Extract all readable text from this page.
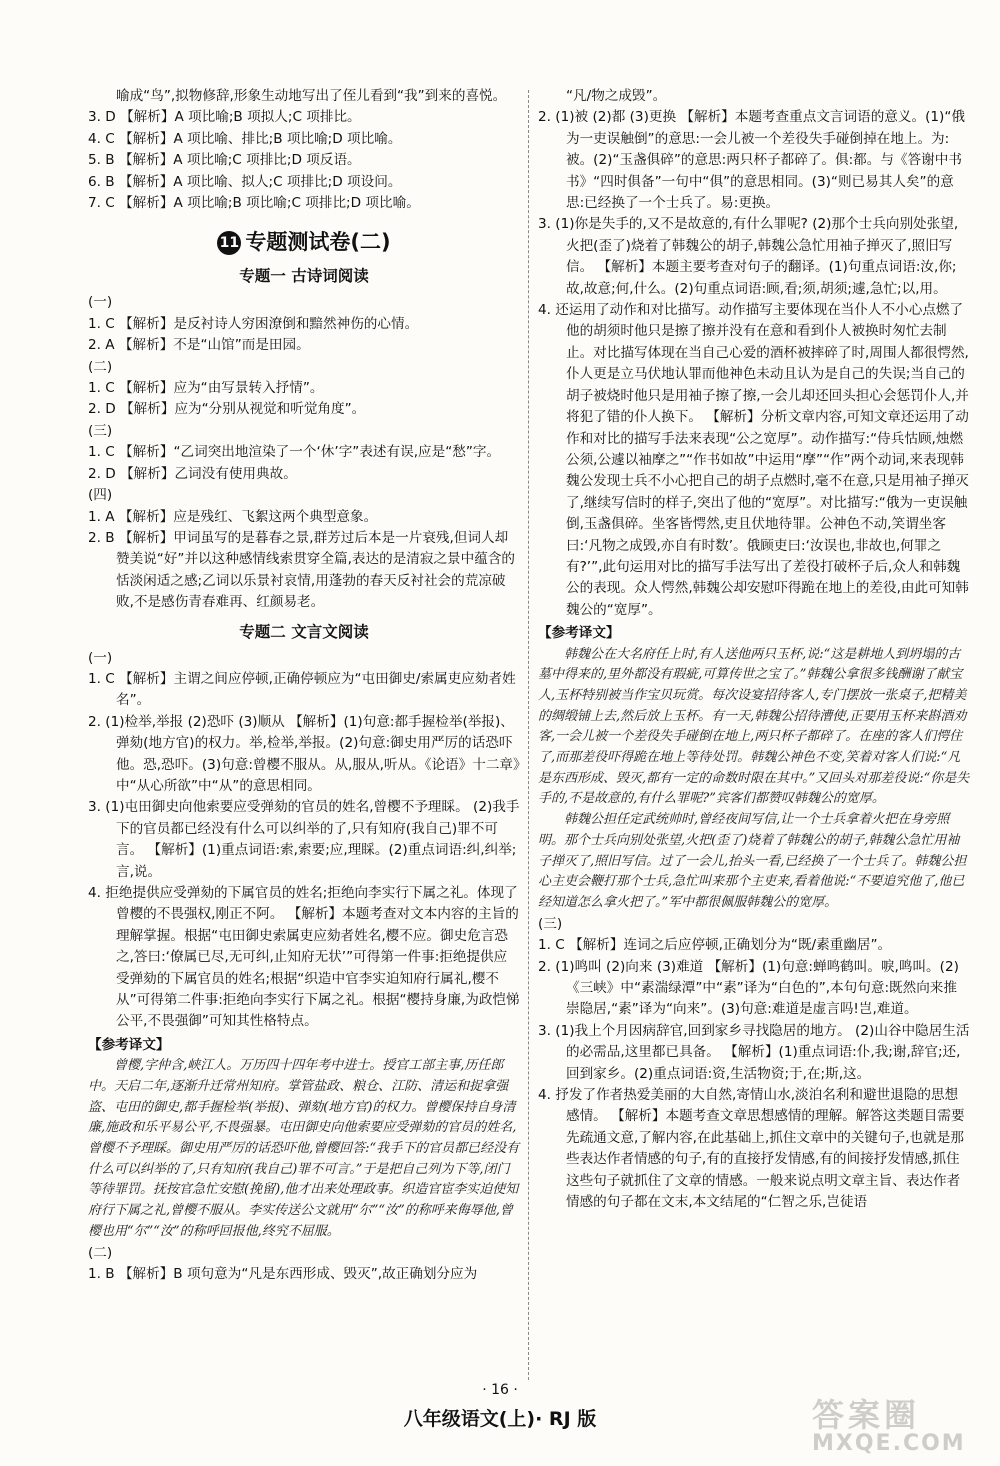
喻成“鸟”,拟物修辞,形象生动地写出了侄儿看到“我”到来的喜悦。
3. D 【解析】A 项比喻;B 项拟人;C 项排比。
4. C 【解析】A 项比喻、排比;B 项比喻;D 项比喻。
5. B 【解析】A 项比喻;C 项排比;D 项反语。
6. B 【解析】A 项比喻、拟人;C 项排比;D 项设问。
7. C 【解析】A 项比喻;B 项比喻;C 项排比;D 项比喻。
11 专题测试卷(二)
专题一 古诗词阅读
(一)
1. C 【解析】是反衬诗人穷困潦倒和黯然神伤的心情。
2. A 【解析】不是“山馆”而是田园。
(二)
1. C 【解析】应为“由写景转入抒情”。
2. D 【解析】应为“分别从视觉和听觉角度”。
(三)
1. C 【解析】“乙词突出地渲染了一个‘休’字”表述有误,应是“愁”字。
2. D 【解析】乙词没有使用典故。
(四)
1. A 【解析】应是残红、飞絮这两个典型意象。
2. B 【解析】甲词虽写的是暮春之景,群芳过后本是一片衰残,但词人却赞美说“好”并以这种感情线索贯穿全篇,表达的是清寂之景中蕴含的恬淡闲适之感;乙词以乐景衬哀情,用蓬勃的春天反衬社会的荒凉破败,不是感伤青春难再、红颜易老。
专题二 文言文阅读
(一)
1. C 【解析】主谓之间应停顿,正确停顿应为“屯田御史/索属吏应劾者姓名”。
2. (1)检举,举报 (2)恐吓 (3)顺从 【解析】(1)句意:都手握检举(举报)、弹劾(地方官)的权力。举,检举,举报。(2)句意:御史用严厉的话恐吓他。恐,恐吓。(3)句意:曾樱不服从。从,服从,听从。《论语》十二章》中“从心所欲”中“从”的意思相同。
3. (1)屯田御史向他索要应受弹劾的官员的姓名,曾樱不予理睬。 (2)我手下的官员都已经没有什么可以纠举的了,只有知府(我自己)罪不可言。 【解析】(1)重点词语:索,索要;应,理睬。(2)重点词语:纠,纠举;言,说。
4. 拒绝提供应受弹劾的下属官员的姓名;拒绝向李实行下属之礼。体现了曾樱的不畏强权,刚正不阿。 【解析】本题考查对文本内容的主旨的理解掌握。根据“屯田御史索属吏应劾者姓名,樱不应。御史危言恐之,答曰:‘僚属已尽,无可纠,止知府无状’”可得第一件事:拒绝提供应受弹劾的下属官员的姓名;根据“织造中官李实迫知府行属礼,樱不从”可得第二件事:拒绝向李实行下属之礼。根据“樱持身廉,为政恺悌公平,不畏强御”可知其性格特点。
【参考译文】
曾樱,字仲含,峡江人。万历四十四年考中进士。授官工部主事,历任郎中。天启二年,逐渐升迁常州知府。掌管盐政、粮仓、江防、清运和捉拿强盗、屯田的御史,都手握检举(举报)、弹劾(地方官)的权力。曾樱保持自身清廉,施政和乐平易公平,不畏强暴。屯田御史向他索要应受弹劾的官员的姓名,曾樱不予理睬。御史用严厉的话恐吓他,曾樱回答:“我手下的官员都已经没有什么可以纠举的了,只有知府(我自己)罪不可言。”于是把自己列为下等,闭门等待罪罚。抚按官急忙安慰(挽留),他才出来处理政事。织造官宦李实迫使知府行下属之礼,曾樱不服从。李实传送公文就用“尔”“汝”的称呼来侮辱他,曾樱也用“尔”“汝”的称呼回报他,终究不屈服。
(二)
1. B 【解析】B 项句意为“凡是东西形成、毁灭”,故正确划分应为
“凡/物之成毁”。
2. (1)被 (2)都 (3)更换 【解析】本题考查重点文言词语的意义。(1)“俄为一吏误触倒”的意思:一会儿被一个差役失手碰倒掉在地上。为:被。(2)“玉盏俱碎”的意思:两只杯子都碎了。俱:都。与《答谢中书书》“四时俱备”一句中“俱”的意思相同。(3)“则已易其人矣”的意思:已经换了一个士兵了。易:更换。
3. (1)你是失手的,又不是故意的,有什么罪呢? (2)那个士兵向别处张望,火把(歪了)烧着了韩魏公的胡子,韩魏公急忙用袖子掸灭了,照旧写信。 【解析】本题主要考查对句子的翻译。(1)句重点词语:汝,你;故,故意;何,什么。(2)句重点词语:顾,看;须,胡须;遽,急忙;以,用。
4. 还运用了动作和对比描写。动作描写主要体现在当仆人不小心点燃了他的胡须时他只是擦了擦并没有在意和看到仆人被换时匆忙去制止。对比描写体现在当自己心爱的酒杯被摔碎了时,周围人都很愕然,仆人更是立马伏地认罪而他神色未动且认为是自己的失误;当自己的胡子被烧时他只是用袖子擦了擦,一会儿却还回头担心会惩罚仆人,并将犯了错的仆人换下。 【解析】分析文章内容,可知文章还运用了动作和对比的描写手法来表现“公之宽厚”。动作描写:“侍兵怙顾,烛燃公须,公遽以袖摩之”“作书如故”中运用“摩”“作”两个动词,来表现韩魏公发现士兵不小心把自己的胡子点燃时,毫不在意,只是用袖子掸灭了,继续写信时的样子,突出了他的“宽厚”。对比描写:“俄为一吏误触倒,玉盏俱碎。坐客皆愕然,吏且伏地待罪。公神色不动,笑谓坐客曰:‘凡物之成毁,亦自有时数’。俄顾吏曰:‘汝误也,非故也,何罪之有?’”,此句运用对比的描写手法写出了差役打破杯子后,众人和韩魏公的表现。众人愕然,韩魏公却安慰吓得跪在地上的差役,由此可知韩魏公的“宽厚”。
【参考译文】
韩魏公在大名府任上时,有人送他两只玉杯,说:“这是耕地人到坍塌的古墓中得来的,里外都没有瑕疵,可算传世之宝了。”韩魏公拿很多钱酬谢了献宝人,玉杯特别被当作宝贝玩赏。每次设宴招待客人,专门摆放一张桌子,把精美的绸缎铺上去,然后放上玉杯。有一天,韩魏公招待漕使,正要用玉杯来斟酒劝客,一会儿被一个差役失手碰倒在地上,两只杯子都碎了。在座的客人们愕住了,而那差役吓得跪在地上等待处罚。韩魏公神色不变,笑着对客人们说:“凡是东西形成、毁灭,都有一定的命数时限在其中。”又回头对那差役说:“你是失手的,不是故意的,有什么罪呢?”宾客们都赞叹韩魏公的宽厚。
韩魏公担任定武统帅时,曾经夜间写信,让一个士兵拿着火把在身旁照明。那个士兵向别处张望,火把(歪了)烧着了韩魏公的胡子,韩魏公急忙用袖子掸灭了,照旧写信。过了一会儿,抬头一看,已经换了一个士兵了。韩魏公担心主吏会鞭打那个士兵,急忙叫来那个主吏来,看着他说:“不要追究他了,他已经知道怎么拿火把了。”军中都很佩服韩魏公的宽厚。
(三)
1. C 【解析】连词之后应停顿,正确划分为“既/素重幽居”。
2. (1)鸣叫 (2)向来 (3)难道 【解析】(1)句意:蝉鸣鹤叫。唳,鸣叫。(2)《三峡》中“素湍绿潭”中“素”译为“白色的”,本句句意:既然向来推崇隐居,“素”译为“向来”。(3)句意:难道是虚言吗!岂,难道。
3. (1)我上个月因病辞官,回到家乡寻找隐居的地方。 (2)山谷中隐居生活的必需品,这里都已具备。 【解析】(1)重点词语:仆,我;谢,辞官;还,回到家乡。(2)重点词语:资,生活物资;于,在;斯,这。
4. 抒发了作者热爱美丽的大自然,寄情山水,淡泊名利和避世退隐的思想感情。 【解析】本题考查文章思想感情的理解。解答这类题目需要先疏通文意,了解内容,在此基础上,抓住文章中的关键句子,也就是那些表达作者情感的句子,有的直接抒发情感,有的间接抒发情感,抓住这些句子就抓住了文章的情感。一般来说点明文章主旨、表达作者情感的句子都在文末,本文结尾的“仁智之乐,岂徒语
· 16 ·
八年级语文(上)· RJ 版	答案圈
MXQE.COM
